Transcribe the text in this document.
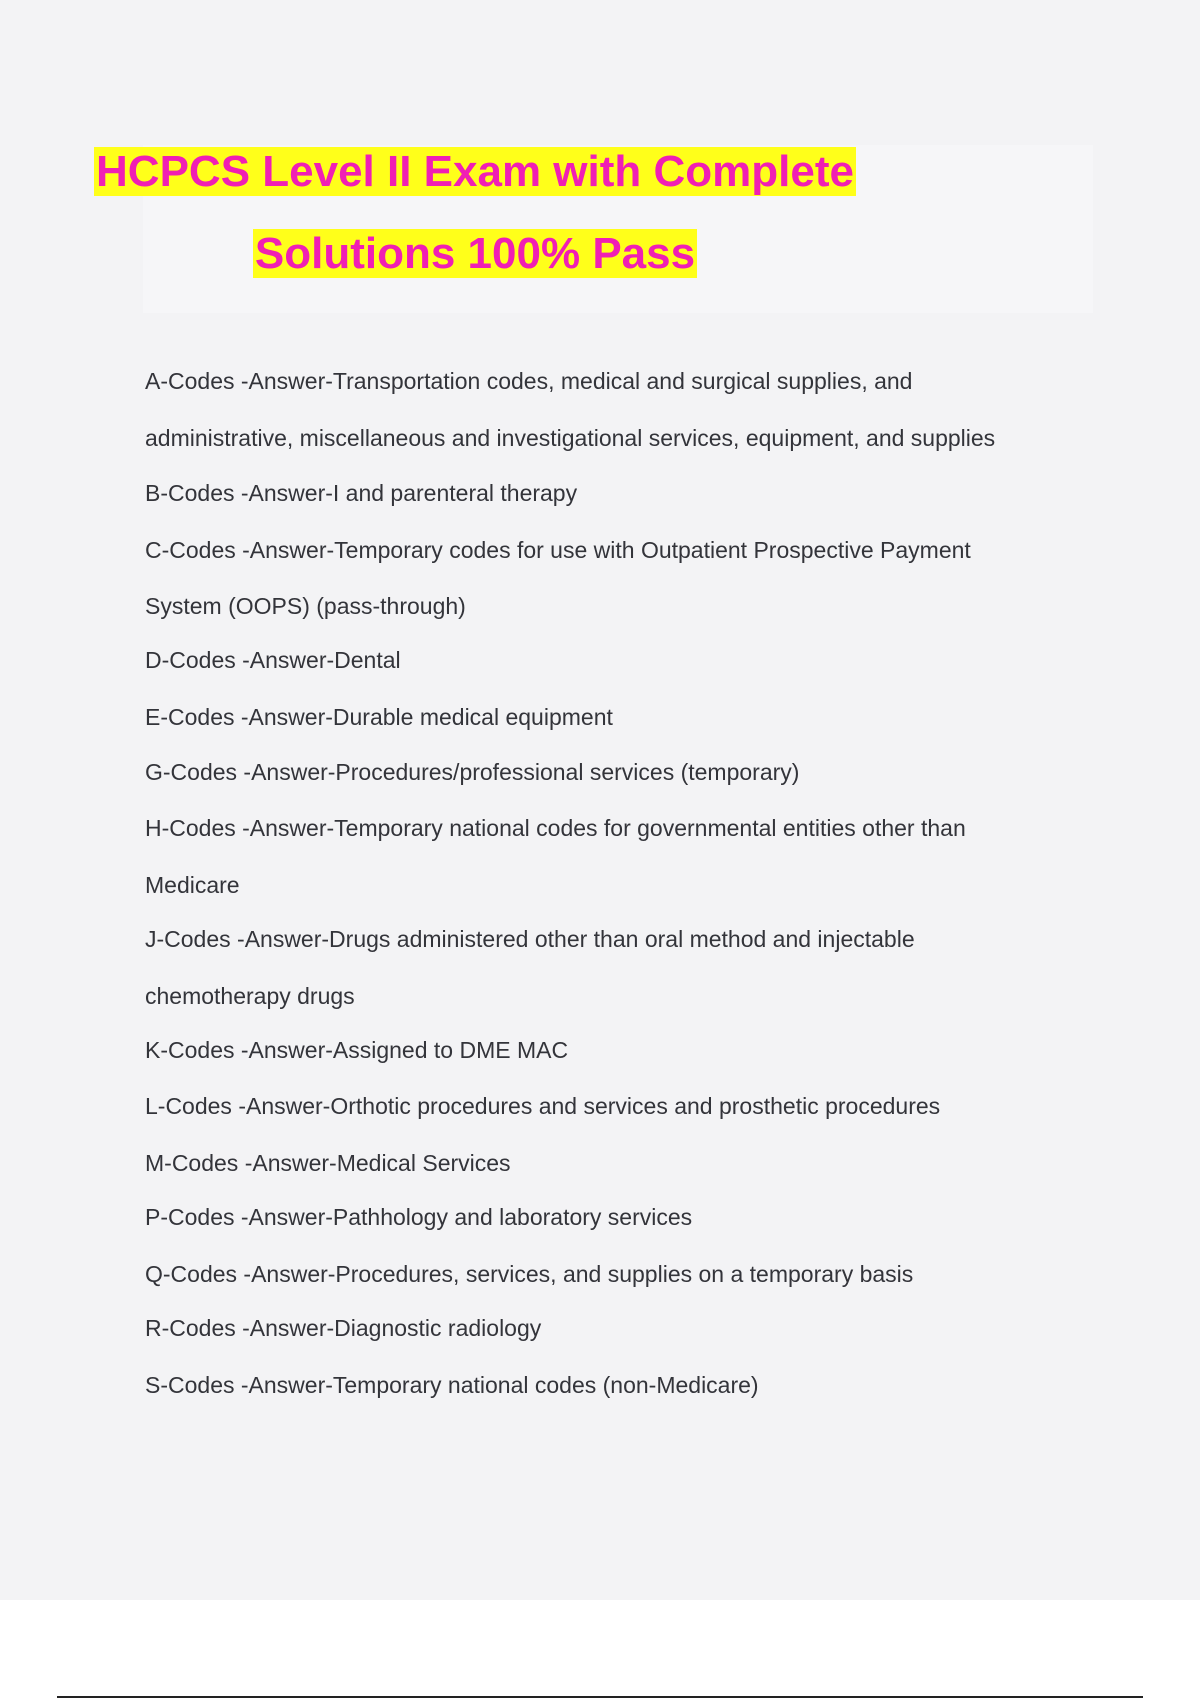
HCPCS Level II Exam with Complete
Solutions 100% Pass
A-Codes -Answer-Transportation codes, medical and surgical supplies, and
administrative, miscellaneous and investigational services, equipment, and supplies
B-Codes -Answer-I and parenteral therapy
C-Codes -Answer-Temporary codes for use with Outpatient Prospective Payment
System (OOPS) (pass-through)
D-Codes -Answer-Dental
E-Codes -Answer-Durable medical equipment
G-Codes -Answer-Procedures/professional services (temporary)
H-Codes -Answer-Temporary national codes for governmental entities other than
Medicare
J-Codes -Answer-Drugs administered other than oral method and injectable
chemotherapy drugs
K-Codes -Answer-Assigned to DME MAC
L-Codes -Answer-Orthotic procedures and services and prosthetic procedures
M-Codes -Answer-Medical Services
P-Codes -Answer-Pathhology and laboratory services
Q-Codes -Answer-Procedures, services, and supplies on a temporary basis
R-Codes -Answer-Diagnostic radiology
S-Codes -Answer-Temporary national codes (non-Medicare)
